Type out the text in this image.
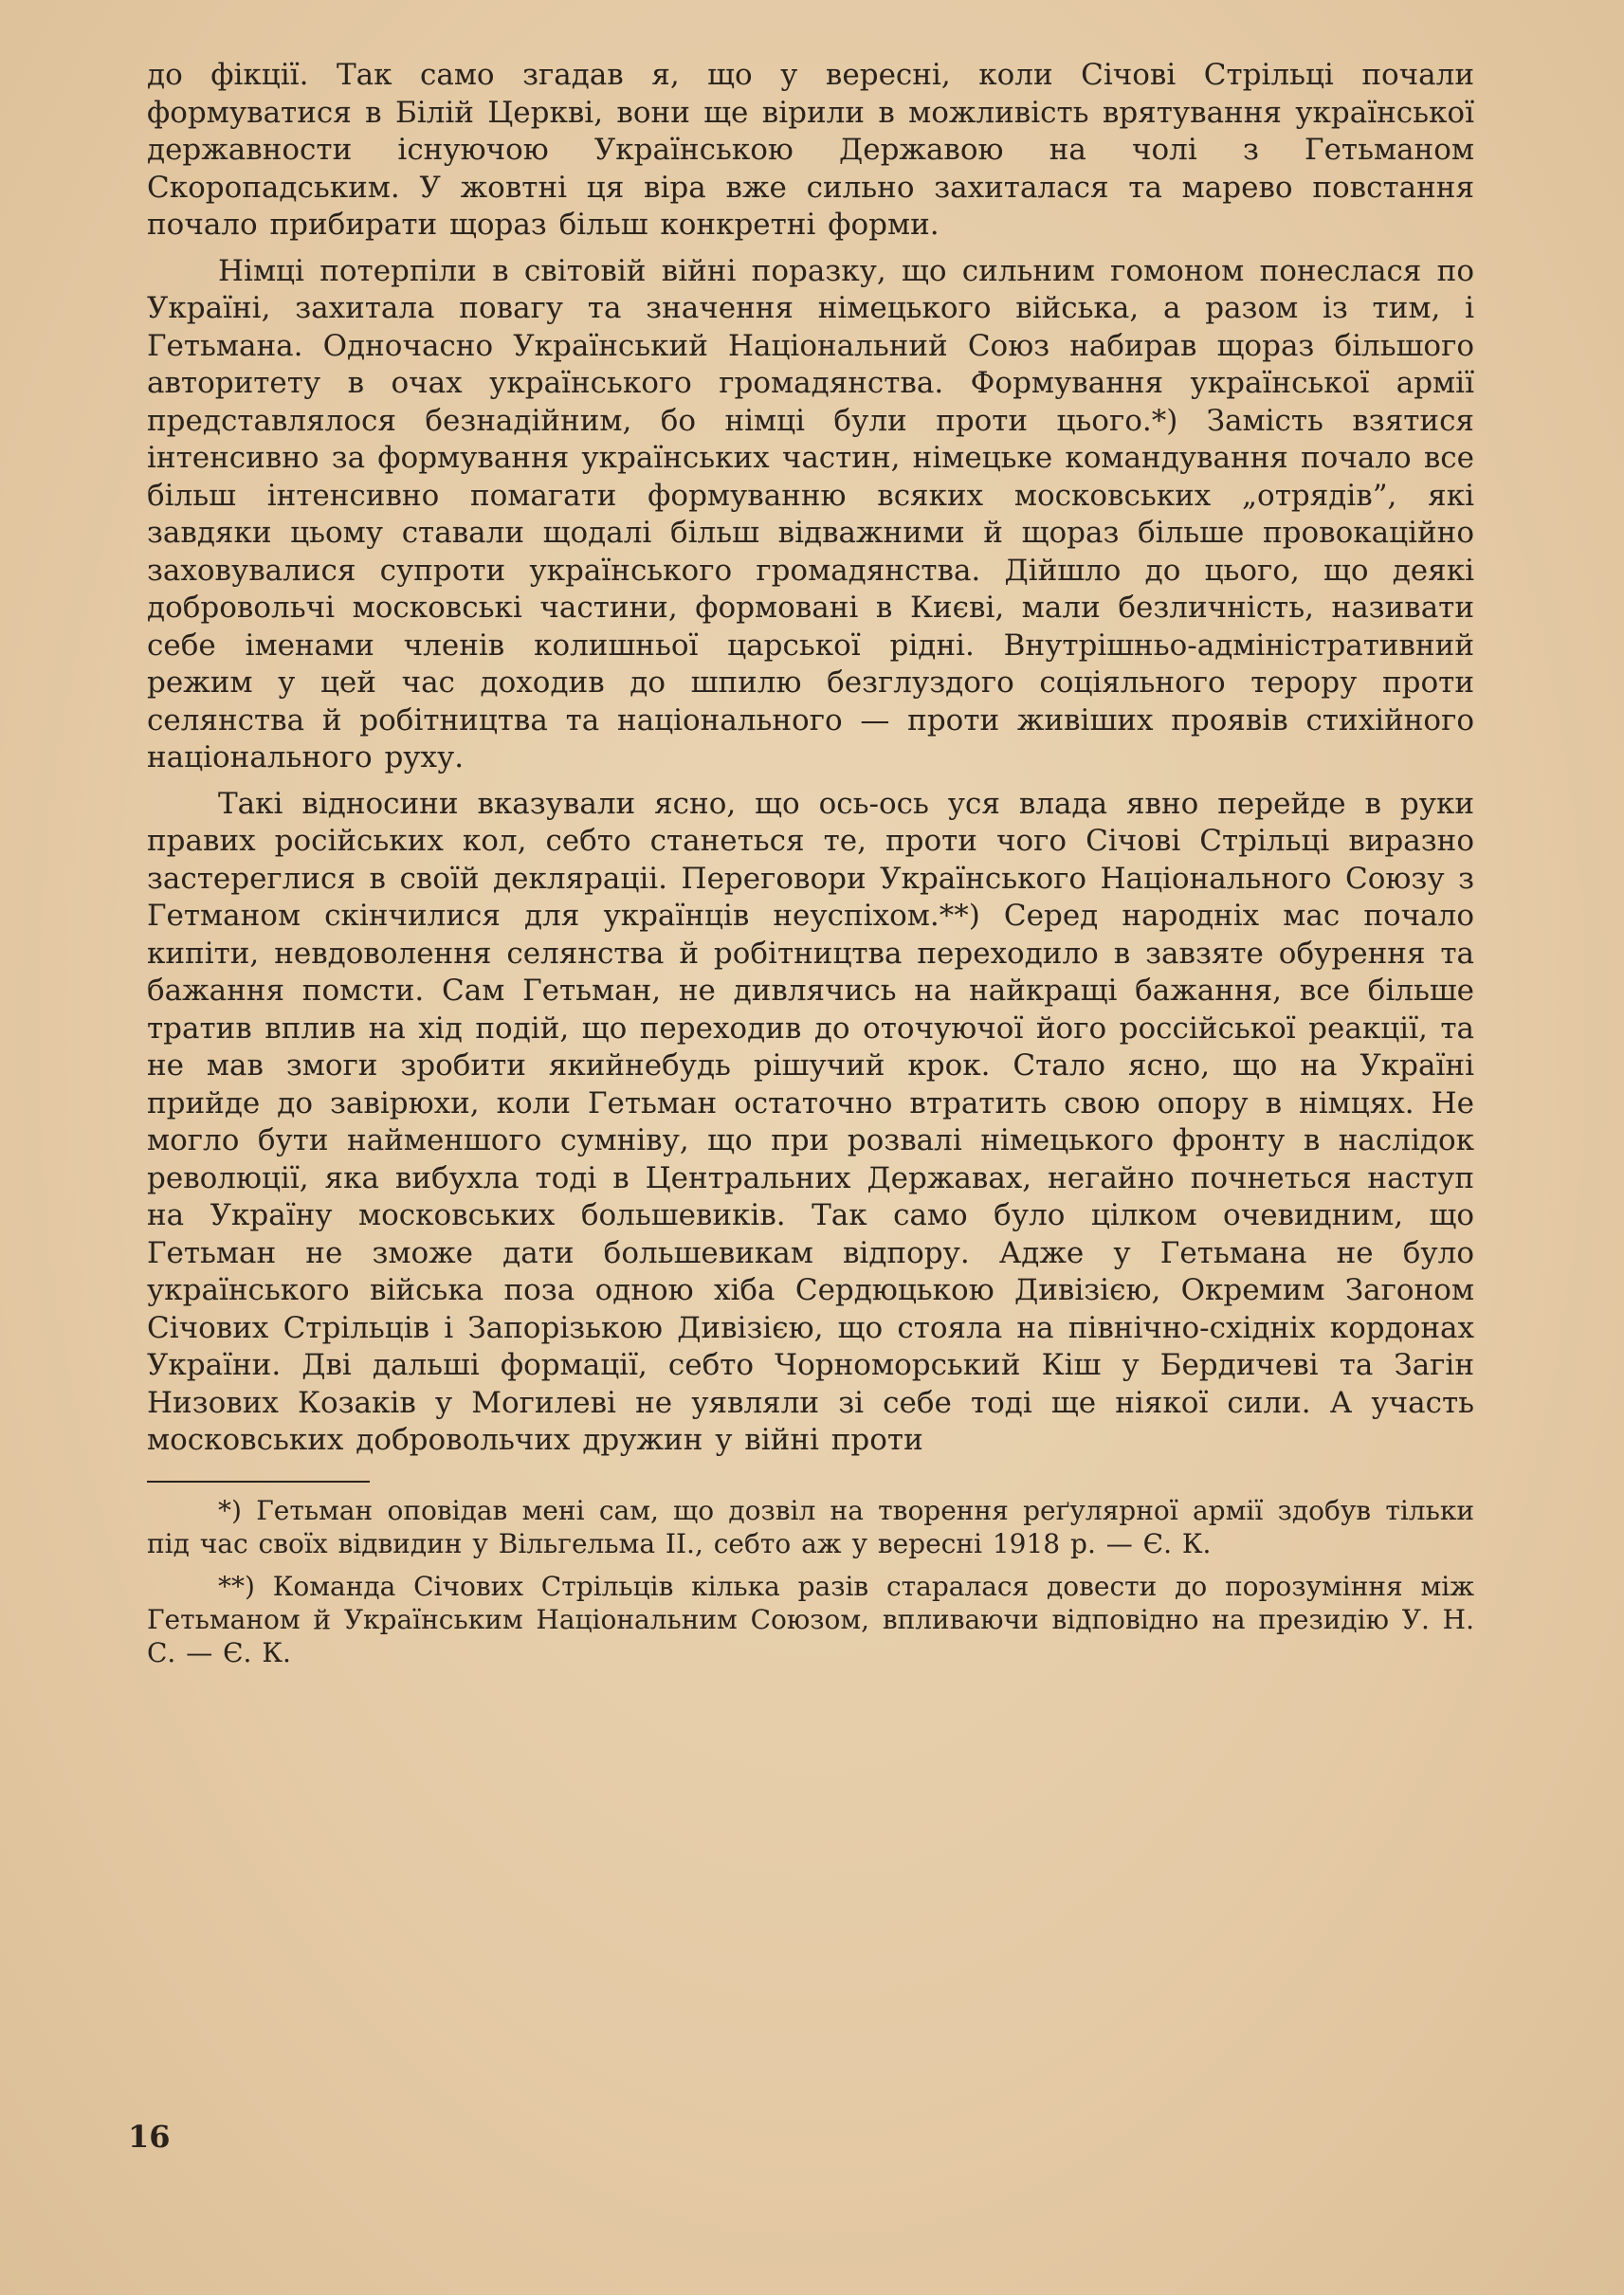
до фікції. Так само згадав я, що у вересні, коли Січові Стрільці почали формуватися в Білій Церкві, вони ще вірили в можливість врятування української державности існуючою Українською Державою на чолі з Гетьманом Скоропадським. У жовтні ця віра вже сильно захиталася та марево повстання почало прибирати щораз більш конкретні форми.

Німці потерпіли в світовій війні поразку, що сильним гомоном понеслася по Україні, захитала повагу та значення німецького війська, а разом із тим, і Гетьмана. Одночасно Український Національний Союз набирав щораз більшого авторитету в очах українського громадянства. Формування української армії представлялося безнадійним, бо німці були проти цього.*) Замість взятися інтенсивно за формування українських частин, німецьке командування почало все більш інтенсивно помагати формуванню всяких московських „отрядів”, які завдяки цьому ставали щодалі більш відважними й щораз більше провокаційно заховувалися супроти українського громадянства. Дійшло до цього, що деякі добровольчі московські частини, формовані в Києві, мали безличність, називати себе іменами членів колишньої царської рідні. Внутрішньо-адміністративний режим у цей час доходив до шпилю безглуздого соціяльного терору проти селянства й робітництва та національного — проти живіших проявів стихійного національного руху.

Такі відносини вказували ясно, що ось-ось уся влада явно перейде в руки правих російських кол, себто станеться те, проти чого Січові Стрільці виразно застереглися в своїй декляраціі. Переговори Українського Національного Союзу з Гетманом скінчилися для українців неуспіхом.**) Серед народніх мас почало кипіти, невдоволення селянства й робітництва переходило в завзяте обурення та бажання помсти. Сам Гетьман, не дивлячись на найкращі бажання, все більше тратив вплив на хід подій, що переходив до оточуючої його россійської реакції, та не мав змоги зробити якийнебудь рішучий крок. Стало ясно, що на Україні прийде до завірюхи, коли Гетьман остаточно втратить свою опору в німцях. Не могло бути найменшого сумніву, що при розвалі німецького фронту в наслідок революції, яка вибухла тоді в Центральних Державах, негайно почнеться наступ на Україну московських большевиків. Так само було цілком очевидним, що Гетьман не зможе дати большевикам відпору. Адже у Гетьмана не було українського війська поза одною хіба Сердюцькою Дивізією, Окремим Загоном Січових Стрільців і Запорізькою Дивізією, що стояла на північно-східніх кордонах України. Дві дальші формації, себто Чорноморський Кіш у Бердичеві та Загін Низових Козаків у Могилеві не уявляли зі себе тоді ще ніякої сили. А участь московських добровольчих дружин у війні проти

*) Гетьман оповідав мені сам, що дозвіл на творення реґулярної армії здобув тільки під час своїх відвидин у Вільгельма II., себто аж у вересні 1918 р. — Є. К.

**) Команда Січових Стрільців кілька разів старалася довести до порозуміння між Гетьманом й Українським Національним Союзом, впливаючи відповідно на президію У. Н. С. — Є. К.

16
